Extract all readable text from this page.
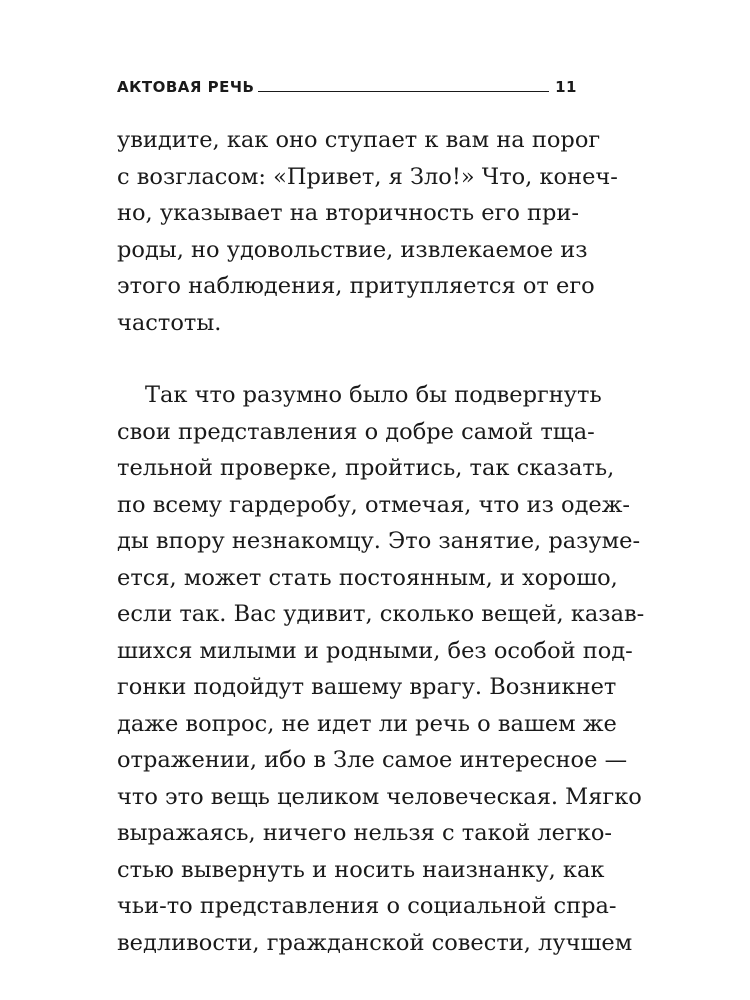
АКТОВАЯ РЕЧЬ	11

увидите, как оно ступает к вам на порог
с возгласом: «Привет, я Зло!» Что, конеч-
но, указывает на вторичность его при-
роды, но удовольствие, извлекаемое из
этого наблюдения, притупляется от его
частоты.

Так что разумно было бы подвергнуть
свои представления о добре самой тща-
тельной проверке, пройтись, так сказать,
по всему гардеробу, отмечая, что из одеж-
ды впору незнакомцу. Это занятие, разуме-
ется, может стать постоянным, и хорошо,
если так. Вас удивит, сколько вещей, казав-
шихся милыми и родными, без особой под-
гонки подойдут вашему врагу. Возникнет
даже вопрос, не идет ли речь о вашем же
отражении, ибо в Зле самое интересное —
что это вещь целиком человеческая. Мягко
выражаясь, ничего нельзя с такой легко-
стью вывернуть и носить наизнанку, как
чьи-то представления о социальной спра-
ведливости, гражданской совести, лучшем
